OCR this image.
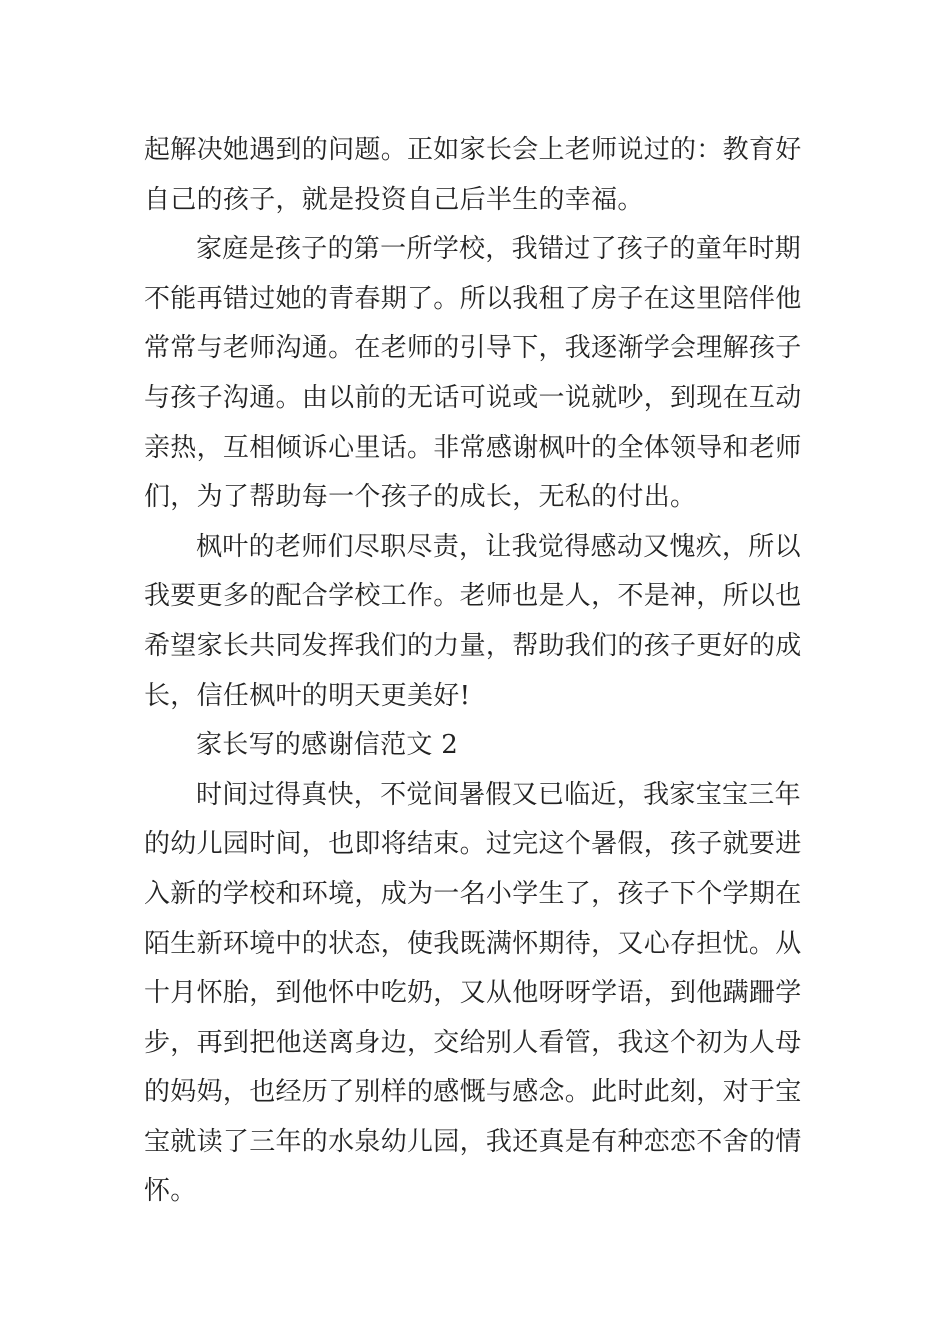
起解决她遇到的问题。正如家长会上老师说过的：教育好
自己的孩子，就是投资自己后半生的幸福。
家庭是孩子的第一所学校，我错过了孩子的童年时期
不能再错过她的青春期了。所以我租了房子在这里陪伴他
常常与老师沟通。在老师的引导下，我逐渐学会理解孩子
与孩子沟通。由以前的无话可说或一说就吵，到现在互动
亲热，互相倾诉心里话。非常感谢枫叶的全体领导和老师
们，为了帮助每一个孩子的成长，无私的付出。
枫叶的老师们尽职尽责，让我觉得感动又愧疚，所以
我要更多的配合学校工作。老师也是人，不是神，所以也
希望家长共同发挥我们的力量，帮助我们的孩子更好的成
长，信任枫叶的明天更美好!
家长写的感谢信范文 2
时间过得真快，不觉间暑假又已临近，我家宝宝三年
的幼儿园时间，也即将结束。过完这个暑假，孩子就要进
入新的学校和环境，成为一名小学生了，孩子下个学期在
陌生新环境中的状态，使我既满怀期待，又心存担忧。从
十月怀胎，到他怀中吃奶，又从他呀呀学语，到他蹒跚学
步，再到把他送离身边，交给别人看管，我这个初为人母
的妈妈，也经历了别样的感慨与感念。此时此刻，对于宝
宝就读了三年的水泉幼儿园，我还真是有种恋恋不舍的情
怀。
